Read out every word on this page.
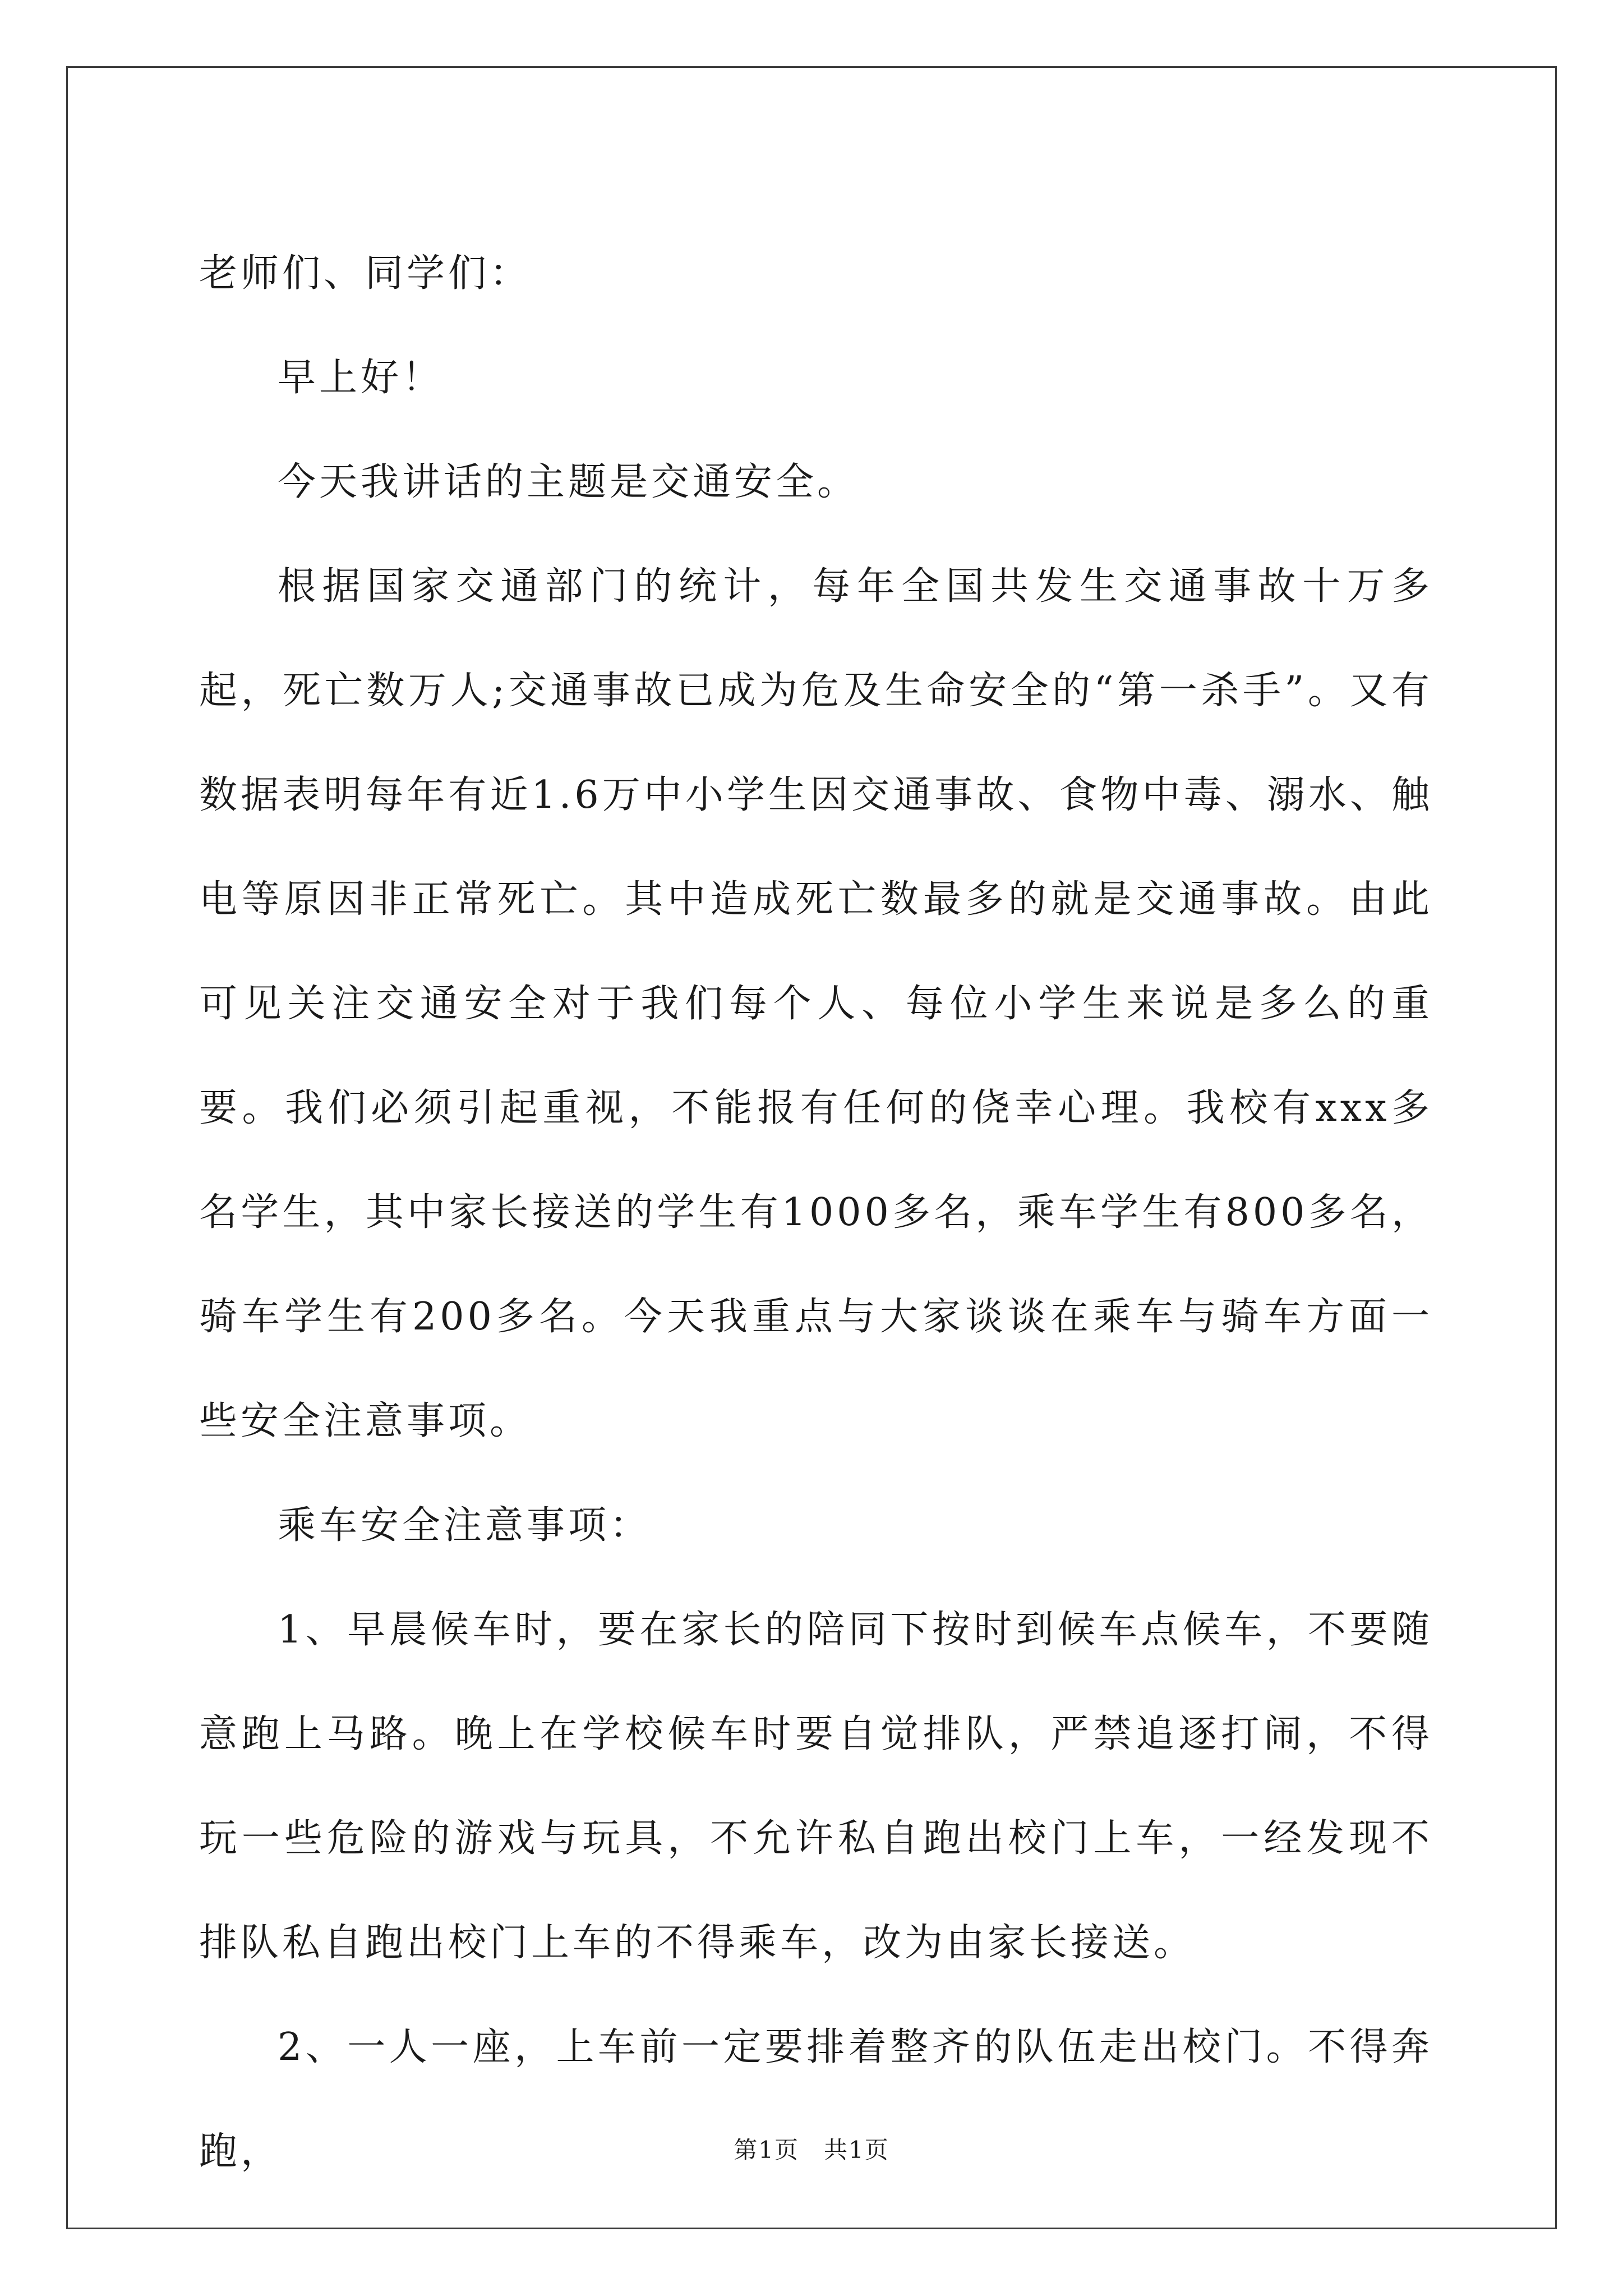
老师们、同学们：

早上好！

今天我讲话的主题是交通安全。

根据国家交通部门的统计，每年全国共发生交通事故十万多起，死亡数万人;交通事故已成为危及生命安全的“第一杀手”。又有数据表明每年有近1.6万中小学生因交通事故、食物中毒、溺水、触电等原因非正常死亡。其中造成死亡数最多的就是交通事故。由此可见关注交通安全对于我们每个人、每位小学生来说是多么的重要。我们必须引起重视，不能报有任何的侥幸心理。我校有xxx多名学生，其中家长接送的学生有1000多名，乘车学生有800多名，骑车学生有200多名。今天我重点与大家谈谈在乘车与骑车方面一些安全注意事项。

乘车安全注意事项：

1、早晨候车时，要在家长的陪同下按时到候车点候车，不要随意跑上马路。晚上在学校候车时要自觉排队，严禁追逐打闹，不得玩一些危险的游戏与玩具，不允许私自跑出校门上车，一经发现不排队私自跑出校门上车的不得乘车，改为由家长接送。

2、一人一座，上车前一定要排着整齐的队伍走出校门。不得奔跑，	第1页　共1页
